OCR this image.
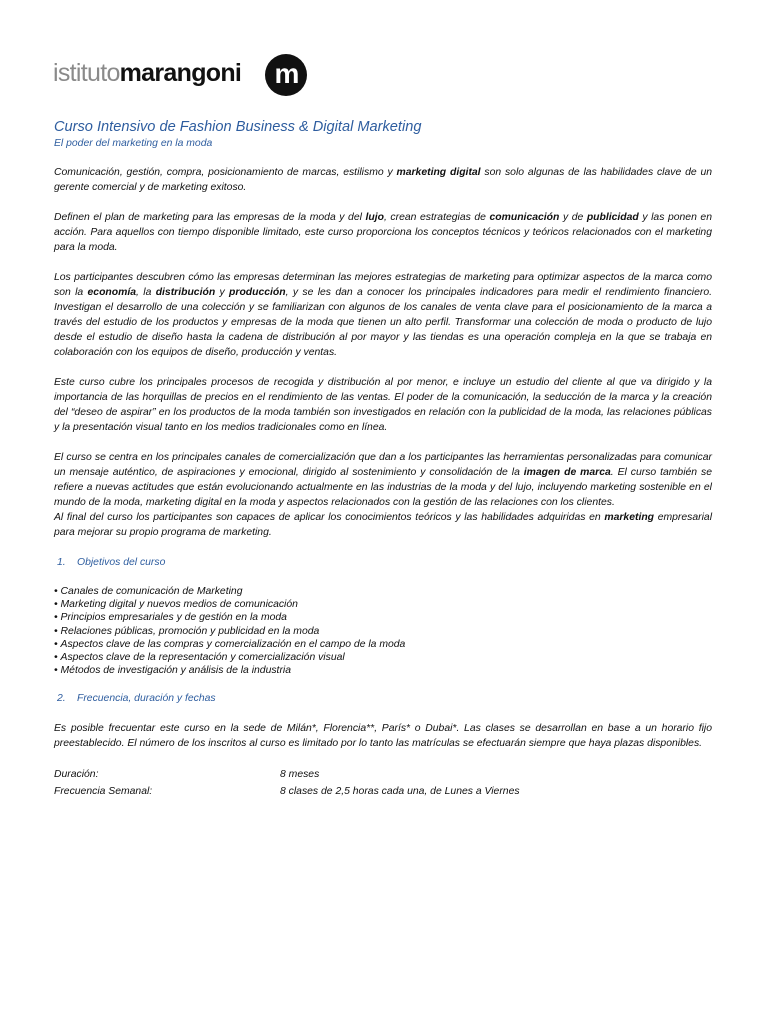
istitutomarangoni m
Curso Intensivo de Fashion Business & Digital Marketing
El poder del marketing en la moda

Comunicación, gestión, compra, posicionamiento de marcas, estilismo y marketing digital son solo algunas de las habilidades clave de un gerente comercial y de marketing exitoso.

Definen el plan de marketing para las empresas de la moda y del lujo, crean estrategias de comunicación y de publicidad y las ponen en acción. Para aquellos con tiempo disponible limitado, este curso proporciona los conceptos técnicos y teóricos relacionados con el marketing para la moda.

Los participantes descubren cómo las empresas determinan las mejores estrategias de marketing para optimizar aspectos de la marca como son la economía, la distribución y producción, y se les dan a conocer los principales indicadores para medir el rendimiento financiero. Investigan el desarrollo de una colección y se familiarizan con algunos de los canales de venta clave para el posicionamiento de la marca a través del estudio de los productos y empresas de la moda que tienen un alto perfil. Transformar una colección de moda o producto de lujo desde el estudio de diseño hasta la cadena de distribución al por mayor y las tiendas es una operación compleja en la que se trabaja en colaboración con los equipos de diseño, producción y ventas.

Este curso cubre los principales procesos de recogida y distribución al por menor, e incluye un estudio del cliente al que va dirigido y la importancia de las horquillas de precios en el rendimiento de las ventas. El poder de la comunicación, la seducción de la marca y la creación del “deseo de aspirar” en los productos de la moda también son investigados en relación con la publicidad de la moda, las relaciones públicas y la presentación visual tanto en los medios tradicionales como en línea.

El curso se centra en los principales canales de comercialización que dan a los participantes las herramientas personalizadas para comunicar un mensaje auténtico, de aspiraciones y emocional, dirigido al sostenimiento y consolidación de la imagen de marca. El curso también se refiere a nuevas actitudes que están evolucionando actualmente en las industrias de la moda y del lujo, incluyendo marketing sostenible en el mundo de la moda, marketing digital en la moda y aspectos relacionados con la gestión de las relaciones con los clientes.

Al final del curso los participantes son capaces de aplicar los conocimientos teóricos y las habilidades adquiridas en marketing empresarial para mejorar su propio programa de marketing.

1. Objetivos del curso
• Canales de comunicación de Marketing
• Marketing digital y nuevos medios de comunicación
• Principios empresariales y de gestión en la moda
• Relaciones públicas, promoción y publicidad en la moda
• Aspectos clave de las compras y comercialización en el campo de la moda
• Aspectos clave de la representación y comercialización visual
• Métodos de investigación y análisis de la industria
2. Frecuencia, duración y fechas

Es posible frecuentar este curso en la sede de Milán*, Florencia**, París* o Dubai*. Las clases se desarrollan en base a un horario fijo preestablecido. El número de los inscritos al curso es limitado por lo tanto las matrículas se efectuarán siempre que haya plazas disponibles.

Duración:	8 meses
Frecuencia Semanal:	8 clases de 2,5 horas cada una, de Lunes a Viernes
